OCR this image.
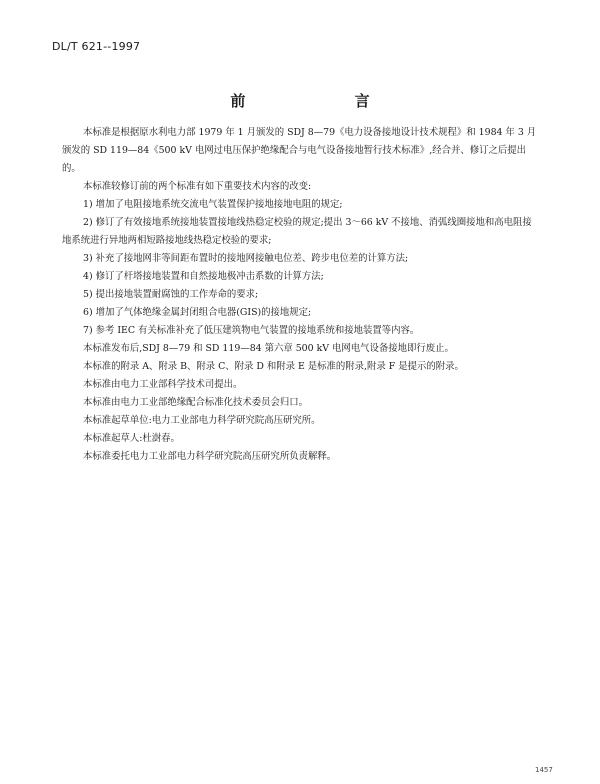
DL/T 621--1997
前 言

本标准是根据原水利电力部 1979 年 1 月颁发的 SDJ 8—79《电力设备接地设计技术规程》和 1984 年 3 月颁发的 SD 119—84《500 kV 电网过电压保护绝缘配合与电气设备接地暂行技术标准》,经合并、修订之后提出的。

本标准较修订前的两个标准有如下重要技术内容的改变:

1) 增加了电阻接地系统交流电气装置保护接地接地电阻的规定;

2) 修订了有效接地系统接地装置接地线热稳定校验的规定;提出 3～66 kV 不接地、消弧线圈接地和高电阻接地系统进行异地两相短路接地线热稳定校验的要求;

3) 补充了接地网非等间距布置时的接地网接触电位差、跨步电位差的计算方法;

4) 修订了杆塔接地装置和自然接地极冲击系数的计算方法;

5) 提出接地装置耐腐蚀的工作寿命的要求;

6) 增加了气体绝缘金属封闭组合电器(GIS)的接地规定;

7) 参考 IEC 有关标准补充了低压建筑物电气装置的接地系统和接地装置等内容。

本标准发布后,SDJ 8—79 和 SD 119—84 第六章 500 kV 电网电气设备接地即行废止。

本标准的附录 A、附录 B、附录 C、附录 D 和附录 E 是标准的附录,附录 F 是提示的附录。

本标准由电力工业部科学技术司提出。

本标准由电力工业部绝缘配合标准化技术委员会归口。

本标准起草单位:电力工业部电力科学研究院高压研究所。

本标准起草人:杜澍春。

本标准委托电力工业部电力科学研究院高压研究所负责解释。

1457
